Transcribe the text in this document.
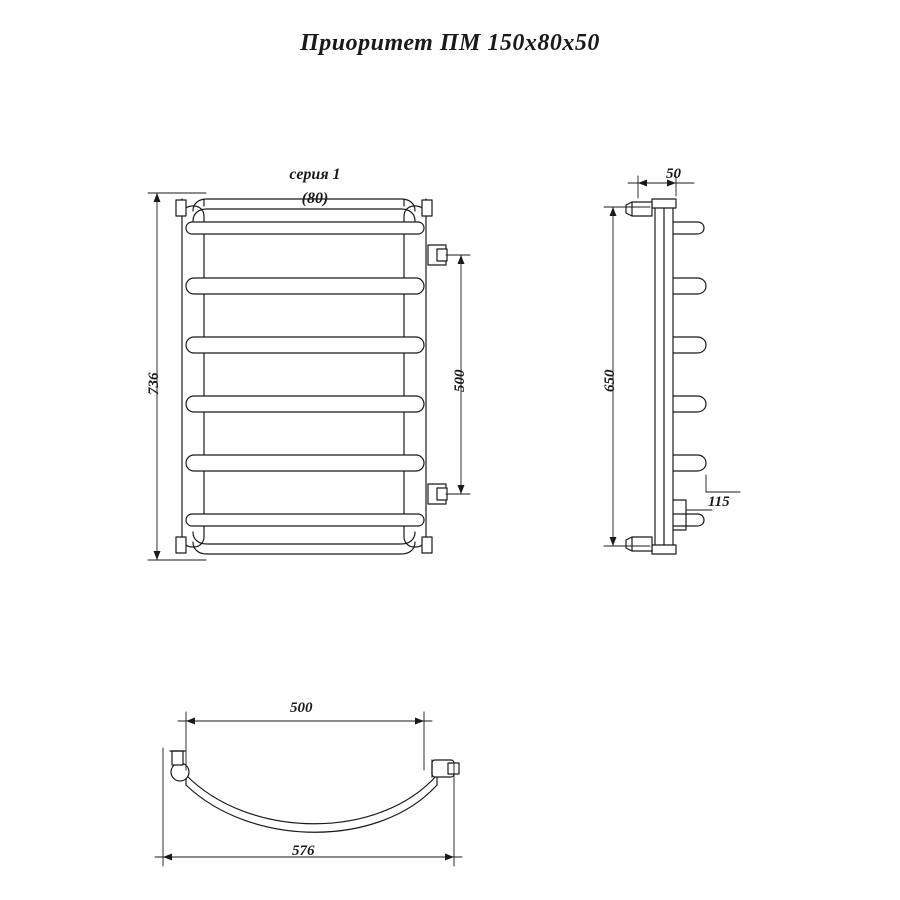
Приоритет ПМ 150х80х50
серия 1
(80)
736	500
50
650
115
500
576
